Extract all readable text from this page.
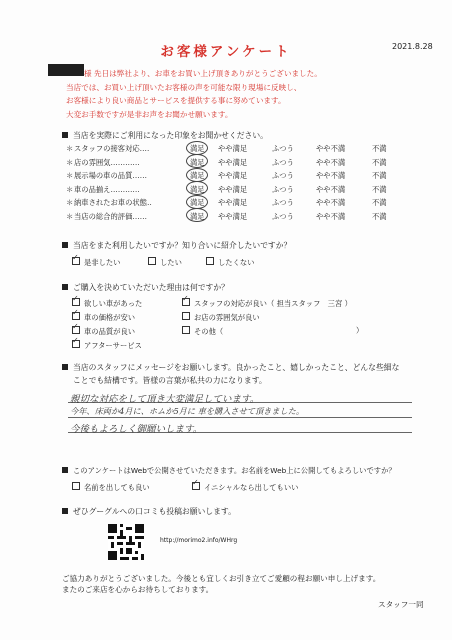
2021.8.28
お客様アンケート
様 先日は弊社より、お車をお買い上げ頂きありがとうございました。
当店では、お買い上げ頂いたお客様の声を可能な限り現場に反映し、
お客様により良い商品とサービスを提供する事に努めています。
大変お手数ですが是非お声をお聞かせ願います。
当店を実際にご利用になった印象をお聞かせください。
＊ スタッフの接客対応‥‥	満足 やや満足	ふつう	やや不満	不満
＊ 店の雰囲気‥‥‥‥‥‥	満足 やや満足	ふつう	やや不満	不満
＊ 展示場の車の品質‥‥‥	満足 やや満足	ふつう	やや不満	不満
＊ 車の品揃え‥‥‥‥‥‥	満足 やや満足	ふつう	やや不満	不満
＊ 納車されたお車の状態‥	満足 やや満足	ふつう	やや不満	不満
＊ 当店の総合的評価‥‥‥	満足 やや満足	ふつう	やや不満	不満
当店をまた利用したいですか？知り合いに紹介したいですか？
✓是非したい	したい	したくない
ご購入を決めていただいた理由は何ですか？
✓欲しい車があった
✓車の価格が安い
✓車の品質が良い
✓アフターサービス
✓スタッフの対応が良い（ 担当スタッフ　三宮 ）
お店の雰囲気が良い
その他（	）
当店のスタッフにメッセージをお願いします。良かったこと、嬉しかったこと、どんな些細な
ことでも結構です。皆様の言葉が私共の力になります。
親切な対応をして頂き大変満足しています。
今年、床両か4月に、ホムか5月に 車を購入させて頂きました。
今後もよろしく御願いします。
このアンケートはWebで公開させていただきます。お名前をWeb上に公開してもよろしいですか？
名前を出しても良い
✓	イニシャルなら出してもいい
ぜひグーグルへの口コミも投稿お願いします。
http://morimo2.info/WHrg
ご協力ありがとうございました。今後とも宜しくお引き立てご愛顧の程お願い申し上げます。
またのご来店を心からお待ちしております。
スタッフ一同
